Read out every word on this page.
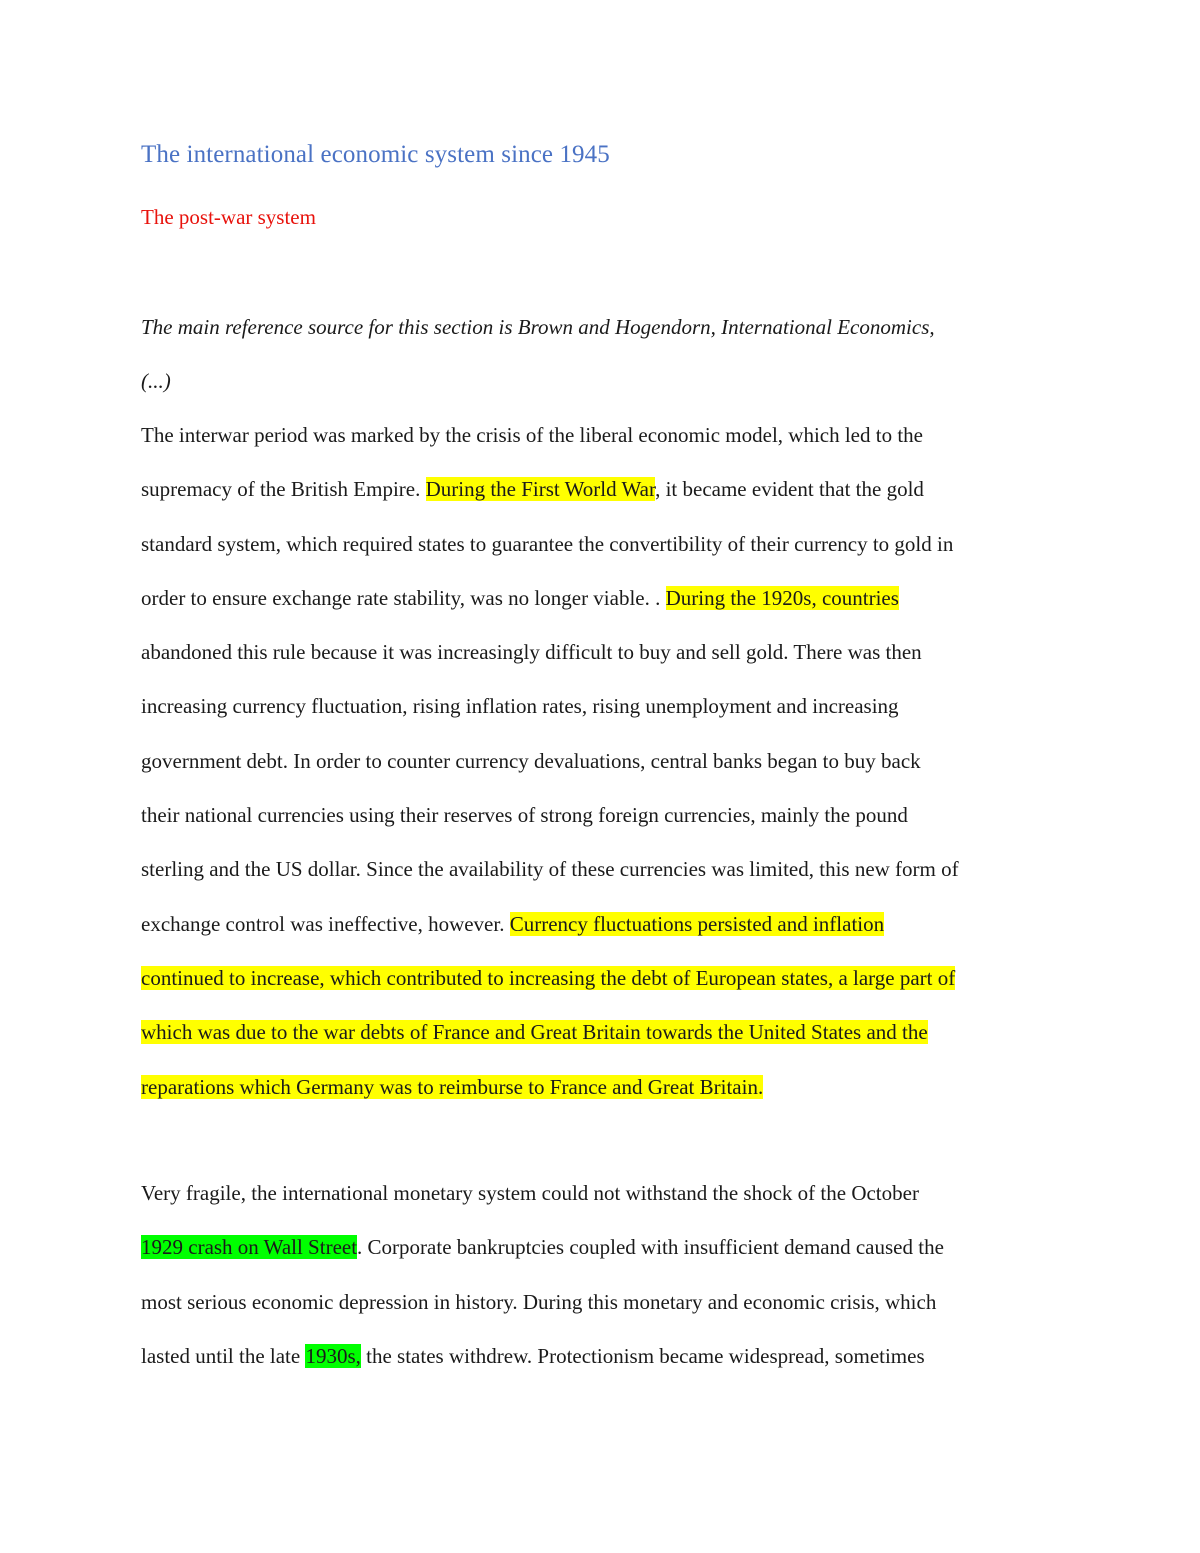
The international economic system since 1945
The post-war system

The main reference source for this section is Brown and Hogendorn, International Economics,
(...)

The interwar period was marked by the crisis of the liberal economic model, which led to the
supremacy of the British Empire. During the First World War, it became evident that the gold
standard system, which required states to guarantee the convertibility of their currency to gold in
order to ensure exchange rate stability, was no longer viable. . During the 1920s, countries
abandoned this rule because it was increasingly difficult to buy and sell gold. There was then
increasing currency fluctuation, rising inflation rates, rising unemployment and increasing
government debt. In order to counter currency devaluations, central banks began to buy back
their national currencies using their reserves of strong foreign currencies, mainly the pound
sterling and the US dollar. Since the availability of these currencies was limited, this new form of
exchange control was ineffective, however. Currency fluctuations persisted and inflation
continued to increase, which contributed to increasing the debt of European states, a large part of
which was due to the war debts of France and Great Britain towards the United States and the
reparations which Germany was to reimburse to France and Great Britain.

Very fragile, the international monetary system could not withstand the shock of the October
1929 crash on Wall Street. Corporate bankruptcies coupled with insufficient demand caused the
most serious economic depression in history. During this monetary and economic crisis, which
lasted until the late 1930s, the states withdrew. Protectionism became widespread, sometimes
